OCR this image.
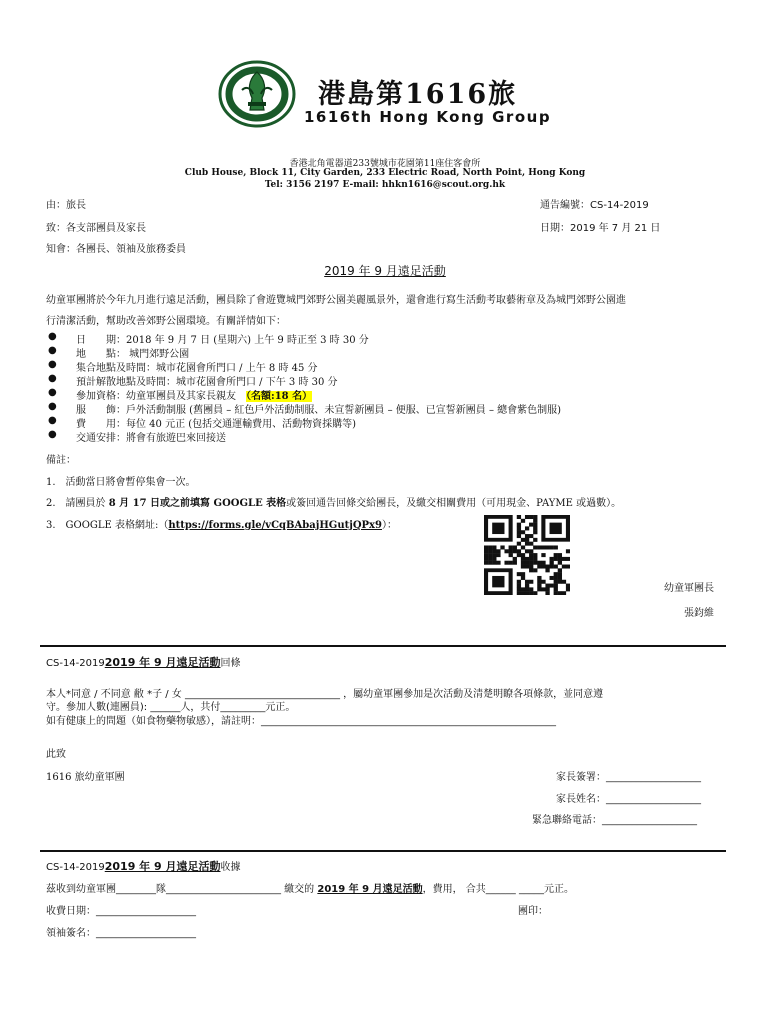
港島第1616旅
1616th Hong Kong Group
香港北角電器道233號城市花園第11座住客會所
Club House, Block 11, City Garden, 233 Electric Road, North Point, Hong Kong
Tel: 3156 2197 E-mail: hhkn1616@scout.org.hk
由：旅長	通告編號：CS-14-2019
致：各支部團員及家長	日期：2019 年 7 月 21 日
知會：各團長、領袖及旅務委員
2019 年 9 月遠足活動
幼童軍團將於今年九月進行遠足活動，團員除了會遊覽城門郊野公園美麗風景外，還會進行寫生活動考取藝術章及為城門郊野公園進
行清潔活動，幫助改善郊野公園環境。有關詳情如下：
● 日　　期：2018 年 9 月 7 日 (星期六) 上午 9 時正至 3 時 30 分
● 地　　點： 城門郊野公園
● 集合地點及時間：城市花園會所門口 / 上午 8 時 45 分
● 預計解散地點及時間：城市花園會所門口 / 下午 3 時 30 分
● 參加資格：幼童軍團員及其家長親友　 （名額:18 名）
● 服　　飾：戶外活動制服 (舊團員 – 紅色戶外活動制服、未宣誓新團員 – 便服、已宣誓新團員 – 總會紫色制服)
● 費　　用：每位 40 元正 (包括交通運輸費用、活動物資採購等)
● 交通安排：將會有旅遊巴來回接送
備註：
1.　活動當日將會暫停集會一次。
2.　請團員於 8 月 17 日或之前填寫 GOOGLE 表格或簽回通告回條交給團長，及繳交相關費用（可用現金、PAYME 或過數）。
3.　GOOGLE 表格網址:（https://forms.gle/vCqBAbajHGutjQPx9）：
幼童軍團長
張鈞維
CS-14-20192019 年 9 月遠足活動回條
本人*同意 / 不同意 敝 *子 / 女 _______________________________ ，屬幼童軍團參加是次活動及清楚明瞭各項條款，並同意遵
守。參加人數(連團員): ______人，共付_________元正。
如有健康上的問題（如食物藥物敏感），請註明：___________________________________________________________
此致
1616 旅幼童軍團	家長簽署：___________________
家長姓名：___________________
緊急聯絡電話：___________________
CS-14-20192019 年 9 月遠足活動收據
茲收到幼童軍團________隊_______________________ 繳交的 2019 年 9 月遠足活動，費用， 合共______ _____元正。
收費日期：____________________	團印：
領袖簽名：____________________
